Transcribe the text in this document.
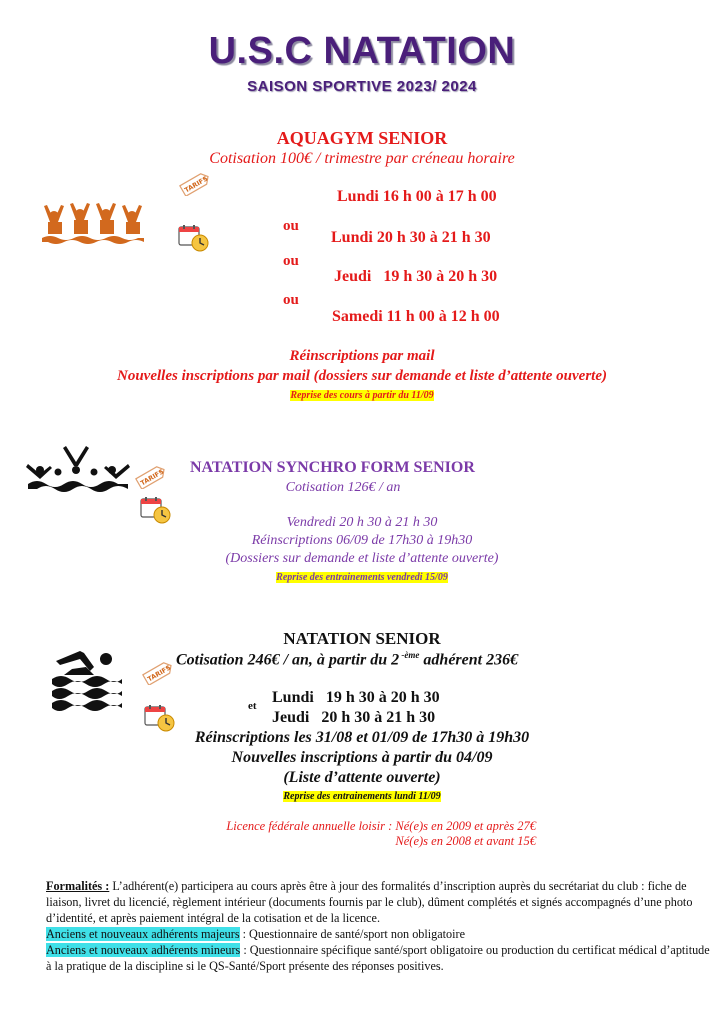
U.S.C NATATION
SAISON SPORTIVE 2023/ 2024
AQUAGYM SENIOR
Cotisation 100€ / trimestre par créneau horaire
TARIFS
Lundi 16 h 00 à 17 h 00
ou
Lundi 20 h 30 à 21 h 30
ou
Jeudi   19 h 30 à 20 h 30
ou
Samedi 11 h 00 à 12 h 00
Réinscriptions par mail
Nouvelles inscriptions par mail (dossiers sur demande et liste d’attente ouverte)
Reprise des cours à partir du 11/09
TARIFS
NATATION SYNCHRO FORM SENIOR
Cotisation 126€ / an
Vendredi 20 h 30 à 21 h 30
Réinscriptions 06/09 de 17h30 à 19h30
(Dossiers sur demande et liste d’attente ouverte)
Reprise des entrainements vendredi 15/09
TARIFS
NATATION SENIOR
Cotisation 246€ / an, à partir du 2 $^{-ème}$ adhérent 236€
et Lundi   19 h 30 à 20 h 30
Jeudi   20 h 30 à 21 h 30
Réinscriptions les 31/08 et 01/09 de 17h30 à 19h30
Nouvelles inscriptions à partir du 04/09
(Liste d’attente ouverte)
Reprise des entrainements lundi 11/09
Licence fédérale annuelle loisir : Né(e)s en 2009 et après 27€
Né(e)s en 2008 et avant 15€

Formalités : L’adhérent(e) participera au cours après être à jour des formalités d’inscription auprès du secrétariat du club : fiche de liaison, livret du licencié, règlement intérieur (documents fournis par le club), dûment complétés et signés accompagnés d’une photo d’identité, et après paiement intégral de la cotisation et de la licence.

Anciens et nouveaux adhérents majeurs : Questionnaire de santé/sport non obligatoire

Anciens et nouveaux adhérents mineurs : Questionnaire spécifique santé/sport obligatoire ou production du certificat médical d’aptitude à la pratique de la discipline si le QS-Santé/Sport présente des réponses positives.
